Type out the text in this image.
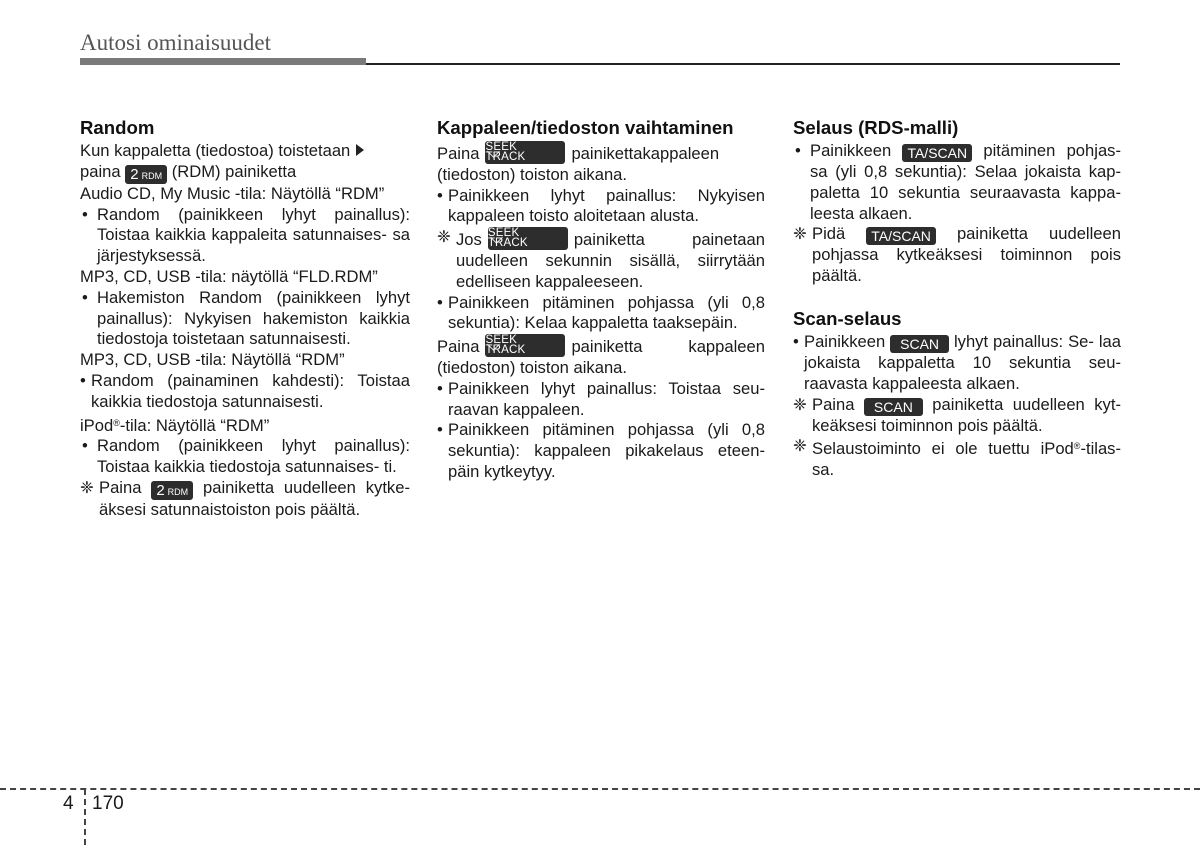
Autosi ominaisuudet
Random

Kun kappaletta (tiedostoa) toistetaan
paina 2 RDM (RDM) painiketta

Audio CD, My Music -tila: Näytöllä “RDM”

• Random (painikkeen lyhyt painallus): Toistaa kaikkia kappaleita satunnaises- sa järjestyksessä.

MP3, CD, USB -tila: näytöllä “FLD.RDM”

• Hakemiston Random (painikkeen lyhyt painallus): Nykyisen hakemiston kaikkia tiedostoja toistetaan satunnaisesti.

MP3, CD, USB -tila: Näytöllä “RDM”

• Random (painaminen kahdesti): Toistaa kaikkia tiedostoja satunnaisesti.

iPod®-tila: Näytöllä “RDM”

• Random (painikkeen lyhyt painallus): Toistaa kaikkia tiedostoja satunnaises- ti.

❈ Paina 2 RDM painiketta uudelleen kytke- äksesi satunnaistoiston pois päältä.

Kappaleen/tiedoston vaihtaminen

Paina SEEK
TRACK	painikettakappaleen (tiedoston) toiston aikana.

• Painikkeen lyhyt painallus: Nykyisen kappaleen toisto aloitetaan alusta.

❈ Jos SEEK
TRACK	painiketta painetaan uudelleen sekunnin sisällä, siirrytään edelliseen kappaleeseen.

• Painikkeen pitäminen pohjassa (yli 0,8 sekuntia): Kelaa kappaletta taaksepäin.

Paina SEEK
TRACK	painiketta kappaleen (tiedoston) toiston aikana.

• Painikkeen lyhyt painallus: Toistaa seu- raavan kappaleen.

• Painikkeen pitäminen pohjassa (yli 0,8 sekuntia): kappaleen pikakelaus eteen- päin kytkeytyy.

Selaus (RDS-malli)

• Painikkeen TA/SCAN pitäminen pohjas- sa (yli 0,8 sekuntia): Selaa jokaista kap- paletta 10 sekuntia seuraavasta kappa- leesta alkaen.

❈ Pidä TA/SCAN painiketta uudelleen pohjassa kytkeäksesi toiminnon pois päältä.

Scan-selaus

• Painikkeen SCAN lyhyt painallus: Se- laa jokaista kappaletta 10 sekuntia seu- raavasta kappaleesta alkaen.

❈ Paina SCAN painiketta uudelleen kyt- keäksesi toiminnon pois päältä.

❈ Selaustoiminto ei ole tuettu iPod®-tilas- sa.

4 170
